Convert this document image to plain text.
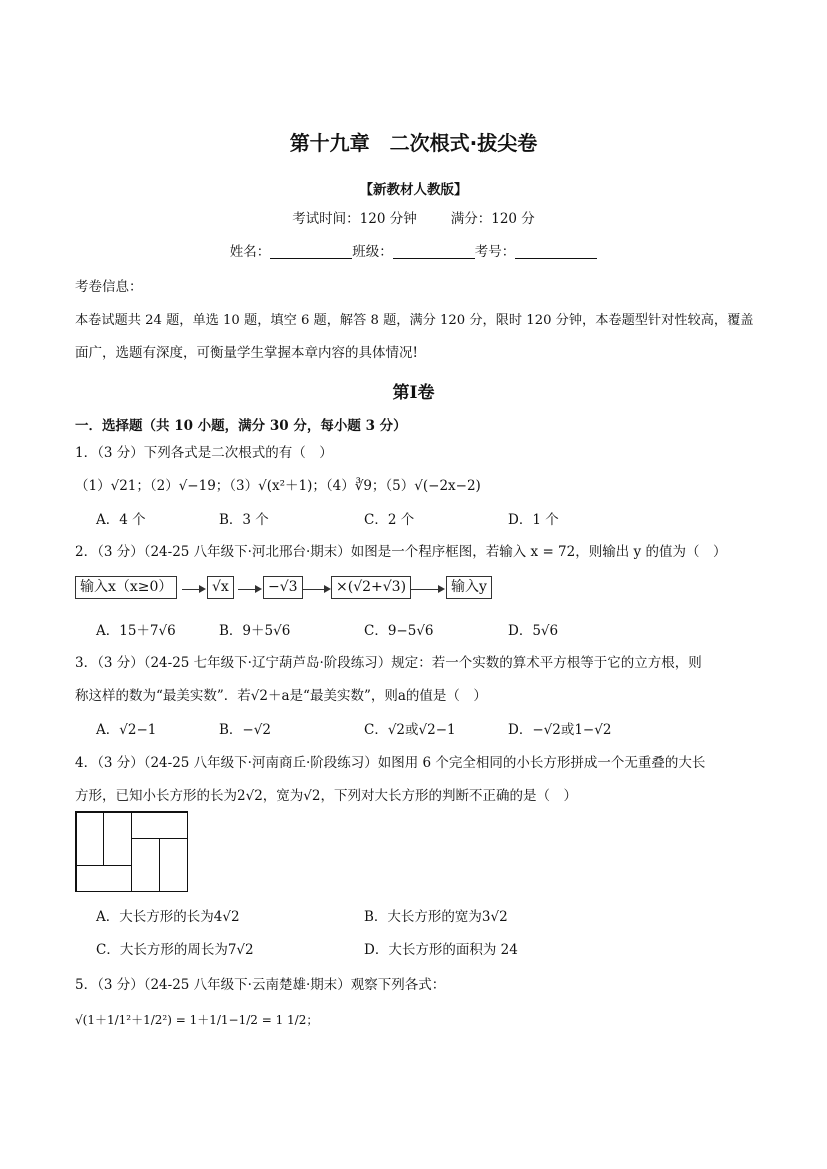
第十九章　二次根式·拔尖卷
【新教材人教版】
考试时间：120 分钟	满分：120 分
姓名：	班级：	考号：
考卷信息：
本卷试题共 24 题，单选 10 题，填空 6 题，解答 8 题，满分 120 分，限时 120 分钟，本卷题型针对性较高，覆盖
面广，选题有深度，可衡量学生掌握本章内容的具体情况!
第Ⅰ卷
一．选择题（共 10 小题，满分 30 分，每小题 3 分）
1．（3 分）下列各式是二次根式的有（　）
（1）√21；（2）√−19；（3）√(x²＋1)；（4）∛9；（5）√(−2x−2)
A．4 个	B．3 个	C．2 个	D．1 个
2．（3 分）（24-25 八年级下·河北邢台·期末）如图是一个程序框图，若输入 x = 72，则输出 y 的值为（　）
输入x（x≥0）	√x	−√3	×(√2+√3)	输入y
A．15＋7√6	B．9＋5√6	C．9−5√6	D．5√6
3．（3 分）（24-25 七年级下·辽宁葫芦岛·阶段练习）规定：若一个实数的算术平方根等于它的立方根，则
称这样的数为“最美实数”．若√2＋a是“最美实数”，则a的值是（　）
A．√2−1	B．−√2	C．√2或√2−1	D．−√2或1−√2
4．（3 分）（24-25 八年级下·河南商丘·阶段练习）如图用 6 个完全相同的小长方形拼成一个无重叠的大长
方形，已知小长方形的长为2√2，宽为√2，下列对大长方形的判断不正确的是（　）
A．大长方形的长为4√2	B．大长方形的宽为3√2
C．大长方形的周长为7√2	D．大长方形的面积为 24
5．（3 分）（24-25 八年级下·云南楚雄·期末）观察下列各式：
√(1＋1/1²＋1/2²) = 1＋1/1−1/2 = 1 1/2；
